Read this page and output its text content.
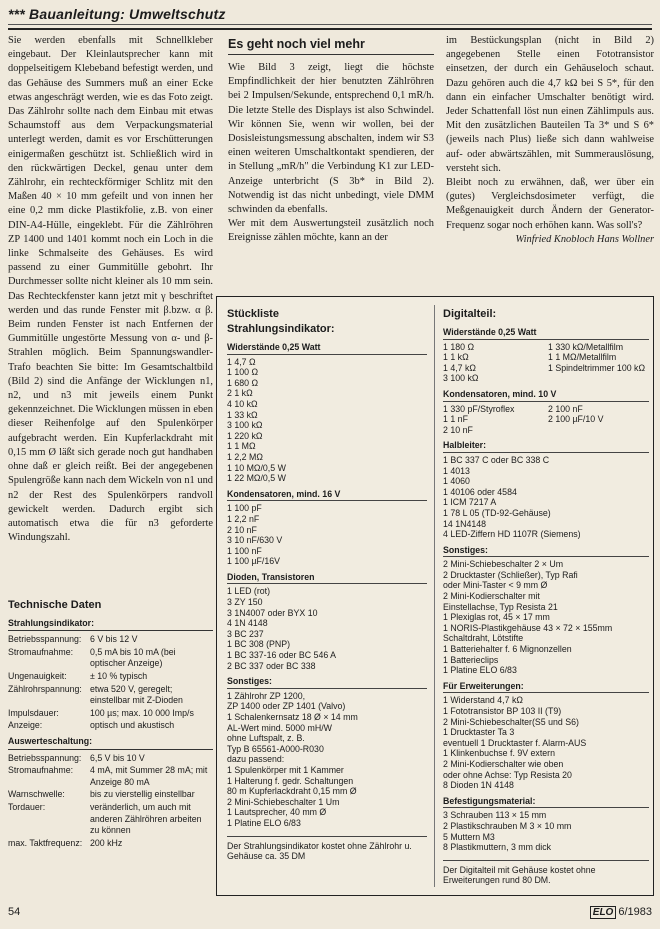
*** Bauanleitung: Umweltschutz

Sie werden ebenfalls mit Schnellkleber eingebaut. Der Kleinlautsprecher kann mit doppelseitigem Klebeband befestigt werden, und das Gehäuse des Summers muß an einer Ecke etwas angeschrägt werden, wie es das Foto zeigt. Das Zählrohr sollte nach dem Einbau mit etwas Schaumstoff aus dem Verpackungsmaterial unterlegt werden, damit es vor Erschütterungen einigermaßen geschützt ist. Schließlich wird in den rückwärtigen Deckel, genau unter dem Zählrohr, ein rechteckförmiger Schlitz mit den Maßen 40 × 10 mm gefeilt und von innen her eine 0,2 mm dicke Plastikfolie, z.B. von einer DIN-A4-Hülle, eingeklebt. Für die Zählröhren ZP 1400 und 1401 kommt noch ein Loch in die linke Schmalseite des Gehäuses. Es wird passend zu einer Gummitülle gebohrt. Ihr Durchmesser sollte nicht kleiner als 10 mm sein. Das Rechteckfenster kann jetzt mit γ beschriftet werden und das runde Fenster mit β.bzw. α β. Beim runden Fenster ist nach Entfernen der Gummitülle ungestörte Messung von α- und β-Strahlen möglich. Beim Spannungswandler-Trafo beachten Sie bitte: Im Gesamtschaltbild (Bild 2) sind die Anfänge der Wicklungen n1, n2, und n3 mit jeweils einem Punkt gekennzeichnet. Die Wicklungen müssen in eben dieser Reihenfolge auf den Spulenkörper aufgebracht werden. Ein Kupferlackdraht mit 0,15 mm Ø läßt sich gerade noch gut handhaben ohne daß er gleich reißt. Bei der angegebenen Spulengröße kann nach dem Wickeln von n1 und n2 der Rest des Spulenkörpers randvoll gewickelt werden. Dadurch ergibt sich automatisch etwa die für n3 geforderte Windungszahl.

Es geht noch viel mehr

Wie Bild 3 zeigt, liegt die höchste Empfindlichkeit der hier benutzten Zählröhren bei 2 Impulsen/Sekunde, entsprechend 0,1 mR/h. Die letzte Stelle des Displays ist also Schwindel. Wir können Sie, wenn wir wollen, bei der Dosisleistungsmessung abschalten, indem wir S3 einen weiteren Umschaltkontakt spendieren, der in Stellung „mR/h" die Verbindung K1 zur LED-Anzeige unterbricht (S 3b* in Bild 2). Notwendig ist das nicht unbedingt, viele DMM schwinden da ebenfalls.

Wer mit dem Auswertungsteil zusätzlich noch Ereignisse zählen möchte, kann an der

im Bestückungsplan (nicht in Bild 2) angegebenen Stelle einen Fototransistor einsetzen, der durch ein Gehäuseloch schaut. Dazu gehören auch die 4,7 kΩ bei S 5*, für den dann ein einfacher Umschalter benötigt wird. Jeder Schattenfall löst nun einen Zählimpuls aus. Mit den zusätzlichen Bauteilen Ta 3* und S 6* (jeweils nach Plus) ließe sich dann wahlweise auf- oder abwärtszählen, mit Summerauslösung, versteht sich.

Bleibt noch zu erwähnen, daß, wer über ein (gutes) Vergleichsdosimeter verfügt, die Meßgenauigkeit durch Ändern der Generator-Frequenz sogar noch erhöhen kann. Was soll's?

Winfried Knobloch Hans Wollner

Technische Daten
Strahlungsindikator:
Betriebsspannung: 6 V bis 12 V
Stromaufnahme:	0,5 mA bis 10 mA (bei optischer Anzeige)
Ungenauigkeit:	± 10 % typisch
Zählrohrspannung: etwa 520 V, geregelt; einstellbar mit Z-Dioden
Impulsdauer:	100 µs; max. 10 000 Imp/s
Anzeige:	optisch und akustisch
Auswerteschaltung:
Betriebsspannung: 6,5 V bis 10 V
Stromaufnahme:	4 mA, mit Summer 28 mA; mit Anzeige 80 mA
Warnschwelle:	bis zu vierstellig einstellbar
Tordauer:	veränderlich, um auch mit anderen Zählröhren arbeiten zu können
max. Taktfrequenz: 200 kHz
Stückliste
Strahlungsindikator:
Widerstände 0,25 Watt
1 4,7 Ω
1 100 Ω
1 680 Ω
2 1 kΩ
4 10 kΩ
1 33 kΩ
3 100 kΩ
1 220 kΩ
1 1 MΩ
1 2,2 MΩ
1 10 MΩ/0,5 W
1 22 MΩ/0,5 W
Kondensatoren, mind. 16 V
1 100 pF
1 2,2 nF
2 10 nF
3 10 nF/630 V
1 100 nF
1 100 µF/16V
Dioden, Transistoren
1 LED (rot)
3 ZY 150
3 1N4007 oder BYX 10
4 1N 4148
3 BC 237
1 BC 308 (PNP)
1 BC 337-16 oder BC 546 A
2 BC 337 oder BC 338
Sonstiges:
1 Zählrohr ZP 1200,
ZP 1400 oder ZP 1401 (Valvo)
1 Schalenkernsatz 18 Ø × 14 mm
AL-Wert mind. 5000 mH/W
ohne Luftspalt, z. B.
Typ B 65561-A000-R030
dazu passend:
1 Spulenkörper mit 1 Kammer
1 Halterung f. gedr. Schaltungen
80 m Kupferlackdraht 0,15 mm Ø
2 Mini-Schiebeschalter 1 Um
1 Lautsprecher, 40 mm Ø
1 Platine ELO 6/83
Der Strahlungsindikator kostet ohne Zählrohr u. Gehäuse ca. 35 DM
Digitalteil:
Widerstände 0,25 Watt
1 180 Ω	1 330 kΩ/Metallfilm
1 1 kΩ	1 1 MΩ/Metallfilm
1 4,7 kΩ	1 Spindeltrimmer 100 kΩ
3 100 kΩ
Kondensatoren, mind. 10 V
1 330 pF/Styroflex	2 100 nF
1 1 nF	2 100 µF/10 V
2 10 nF
Halbleiter:
1 BC 337 C oder BC 338 C
1 4013
1 4060
1 40106 oder 4584
1 ICM 7217 A
1 78 L 05 (TD-92-Gehäuse)
14 1N4148
4 LED-Ziffern HD 1107R (Siemens)
Sonstiges:
2 Mini-Schiebeschalter 2 × Um
2 Drucktaster (Schließer), Typ Rafi
oder Mini-Taster < 9 mm Ø
2 Mini-Kodierschalter mit
Einstellachse, Typ Resista 21
1 Plexiglas rot, 45 × 17 mm
1 NORIS-Plastikgehäuse 43 × 72 × 155mm
Schaltdraht, Lötstifte
1 Batteriehalter f. 6 Mignonzellen
1 Batterieclips
1 Platine ELO 6/83
Für Erweiterungen:
1 Widerstand 4,7 kΩ
1 Fototransistor BP 103 II (T9)
2 Mini-Schiebeschalter(S5 und S6)
1 Drucktaster Ta 3
eventuell 1 Drucktaster f. Alarm-AUS
1 Klinkenbuchse f. 9V extern
2 Mini-Kodierschalter wie oben
oder ohne Achse: Typ Resista 20
8 Dioden 1N 4148
Befestigungsmaterial:
3 Schrauben 113 × 15 mm
2 Plastikschrauben M 3 × 10 mm
5 Muttern M3
8 Plastikmuttern, 3 mm dick
Der Digitalteil mit Gehäuse kostet ohne Erweiterungen rund 80 DM.
54	ELO 6/1983
